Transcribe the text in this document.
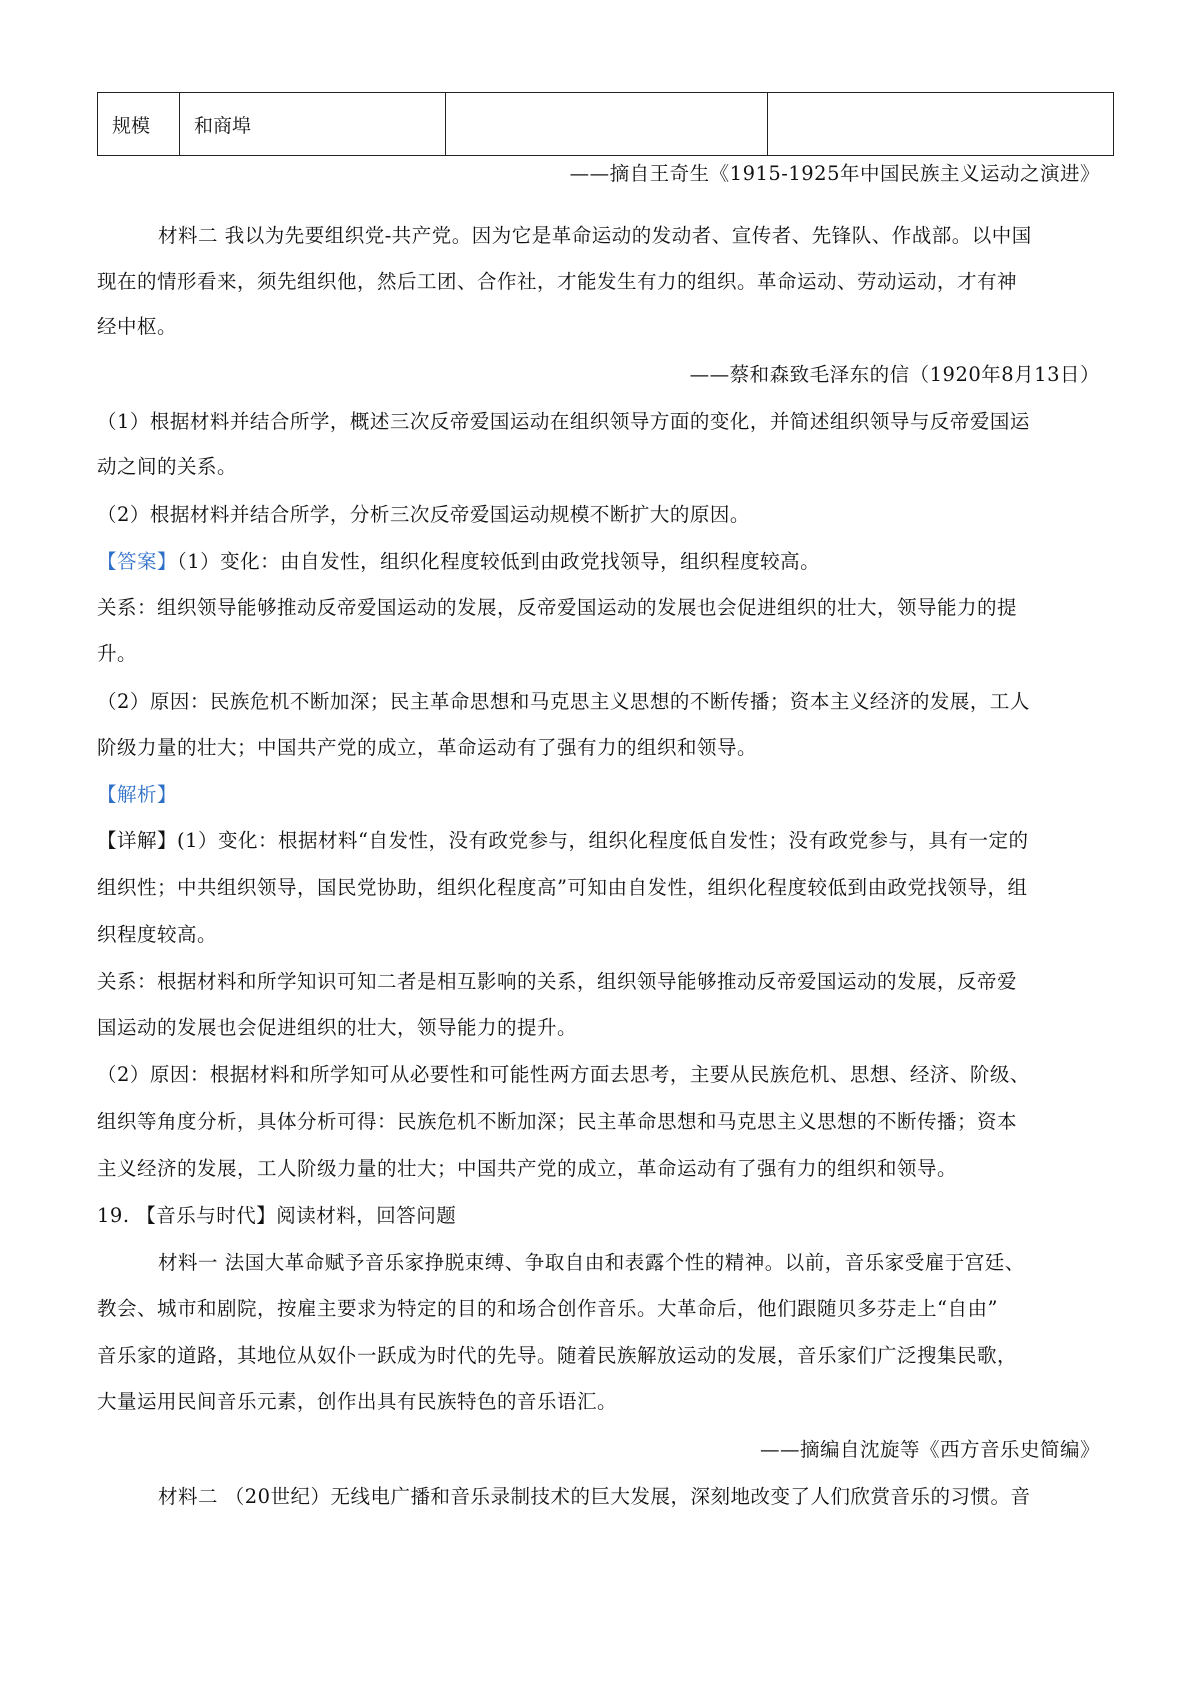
规模	和商埠		
——摘自王奇生《1915-1925年中国民族主义运动之演进》
材料二 我以为先要组织党-共产党。因为它是革命运动的发动者、宣传者、先锋队、作战部。以中国
现在的情形看来，须先组织他，然后工团、合作社，才能发生有力的组织。革命运动、劳动运动，才有神
经中枢。
——蔡和森致毛泽东的信（1920年8月13日）
（1）根据材料并结合所学，概述三次反帝爱国运动在组织领导方面的变化，并简述组织领导与反帝爱国运
动之间的关系。
（2）根据材料并结合所学，分析三次反帝爱国运动规模不断扩大的原因。
【答案】（1）变化：由自发性，组织化程度较低到由政党找领导，组织程度较高。
关系：组织领导能够推动反帝爱国运动的发展，反帝爱国运动的发展也会促进组织的壮大，领导能力的提
升。
（2）原因：民族危机不断加深；民主革命思想和马克思主义思想的不断传播；资本主义经济的发展，工人
阶级力量的壮大；中国共产党的成立，革命运动有了强有力的组织和领导。
【解析】
【详解】(1）变化：根据材料“自发性，没有政党参与，组织化程度低自发性；没有政党参与，具有一定的
组织性；中共组织领导，国民党协助，组织化程度高”可知由自发性，组织化程度较低到由政党找领导，组
织程度较高。
关系：根据材料和所学知识可知二者是相互影响的关系，组织领导能够推动反帝爱国运动的发展，反帝爱
国运动的发展也会促进组织的壮大，领导能力的提升。
（2）原因：根据材料和所学知可从必要性和可能性两方面去思考，主要从民族危机、思想、经济、阶级、
组织等角度分析，具体分析可得：民族危机不断加深；民主革命思想和马克思主义思想的不断传播；资本
主义经济的发展，工人阶级力量的壮大；中国共产党的成立，革命运动有了强有力的组织和领导。
19. 【音乐与时代】阅读材料，回答问题
材料一 法国大革命赋予音乐家挣脱束缚、争取自由和表露个性的精神。以前，音乐家受雇于宫廷、
教会、城市和剧院，按雇主要求为特定的目的和场合创作音乐。大革命后，他们跟随贝多芬走上“自由”
音乐家的道路，其地位从奴仆一跃成为时代的先导。随着民族解放运动的发展，音乐家们广泛搜集民歌，
大量运用民间音乐元素，创作出具有民族特色的音乐语汇。
——摘编自沈旋等《西方音乐史简编》
材料二 （20世纪）无线电广播和音乐录制技术的巨大发展，深刻地改变了人们欣赏音乐的习惯。音
